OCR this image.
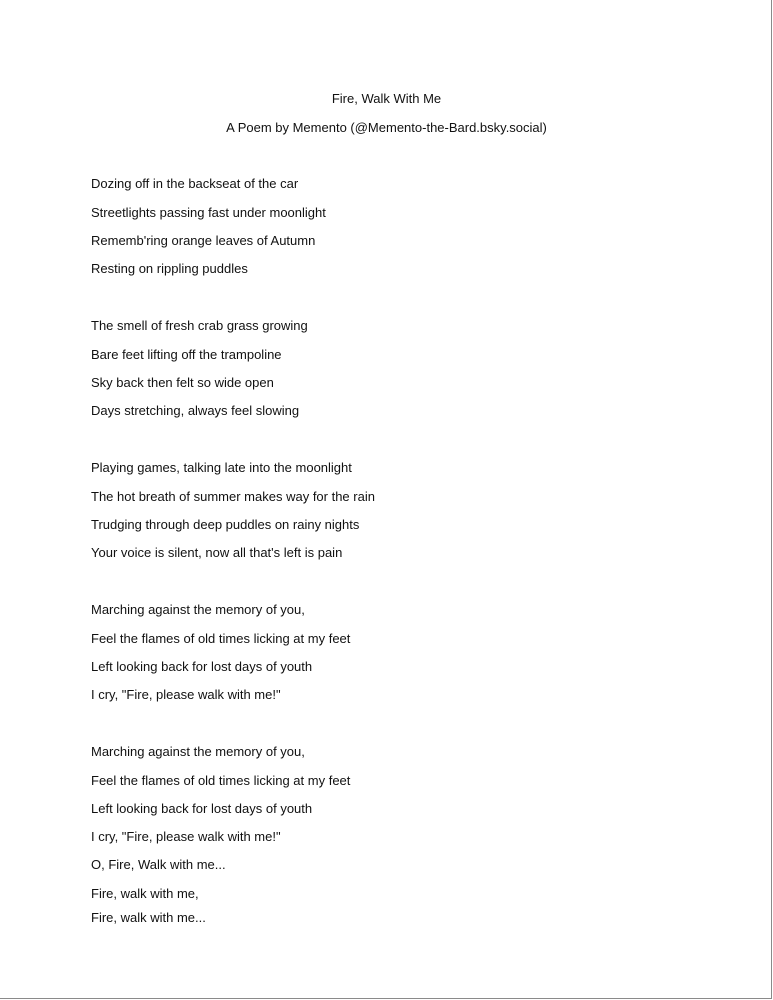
Fire, Walk With Me
A Poem by Memento (@Memento-the-Bard.bsky.social)
Dozing off in the backseat of the car
Streetlights passing fast under moonlight
Rememb'ring orange leaves of Autumn
Resting on rippling puddles
The smell of fresh crab grass growing
Bare feet lifting off the trampoline
Sky back then felt so wide open
Days stretching, always feel slowing
Playing games, talking late into the moonlight
The hot breath of summer makes way for the rain
Trudging through deep puddles on rainy nights
Your voice is silent, now all that's left is pain
Marching against the memory of you,
Feel the flames of old times licking at my feet
Left looking back for lost days of youth
I cry, "Fire, please walk with me!"
Marching against the memory of you,
Feel the flames of old times licking at my feet
Left looking back for lost days of youth
I cry, "Fire, please walk with me!"
O, Fire, Walk with me...
Fire, walk with me,
Fire, walk with me...
